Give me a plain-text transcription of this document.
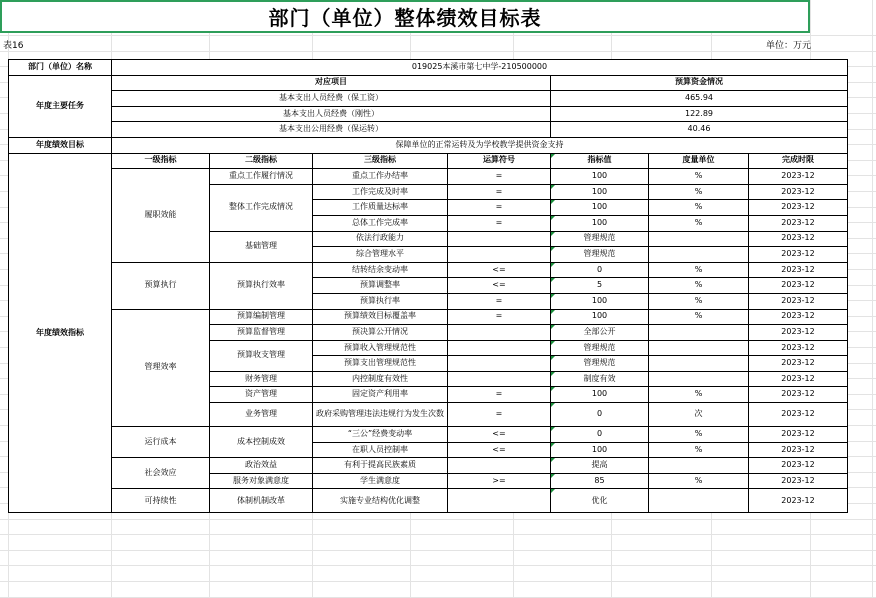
部门（单位）整体绩效目标表
表16	单位：万元
部门（单位）名称	019025本溪市第七中学-210500000						
年度主要任务	对应项目				预算资金情况		
	基本支出人员经费（保工资）				465.94		
	基本支出人员经费（刚性）				122.89		
	基本支出公用经费（保运转）				40.46		
年度绩效目标	保障单位的正常运转及为学校教学提供资金支持						
年度绩效指标	一级指标	二级指标	三级指标	运算符号	指标值	度量单位	完成时限
	履职效能	重点工作履行情况	重点工作办结率	=	100	%	2023-12
		整体工作完成情况	工作完成及时率	=	100	%	2023-12
			工作质量达标率	=	100	%	2023-12
			总体工作完成率	=	100	%	2023-12
		基础管理	依法行政能力		管理规范		2023-12
			综合管理水平		管理规范		2023-12
	预算执行	预算执行效率	结转结余变动率	<=	0	%	2023-12
			预算调整率	<=	5	%	2023-12
			预算执行率	=	100	%	2023-12
	管理效率	预算编制管理	预算绩效目标覆盖率	=	100	%	2023-12
		预算监督管理	预决算公开情况		全部公开		2023-12
		预算收支管理	预算收入管理规范性		管理规范		2023-12
			预算支出管理规范性		管理规范		2023-12
		财务管理	内控制度有效性		制度有效		2023-12
		资产管理	固定资产利用率	=	100	%	2023-12
		业务管理	政府采购管理违法违规行为发生次数	=	0	次	2023-12
	运行成本	成本控制成效	“三公”经费变动率	<=	0	%	2023-12
			在职人员控制率	<=	100	%	2023-12
	社会效应	政治效益	有利于提高民族素质		提高		2023-12
		服务对象满意度	学生满意度	>=	85	%	2023-12
	可持续性	体制机制改革	实施专业结构优化调整		优化		2023-12
